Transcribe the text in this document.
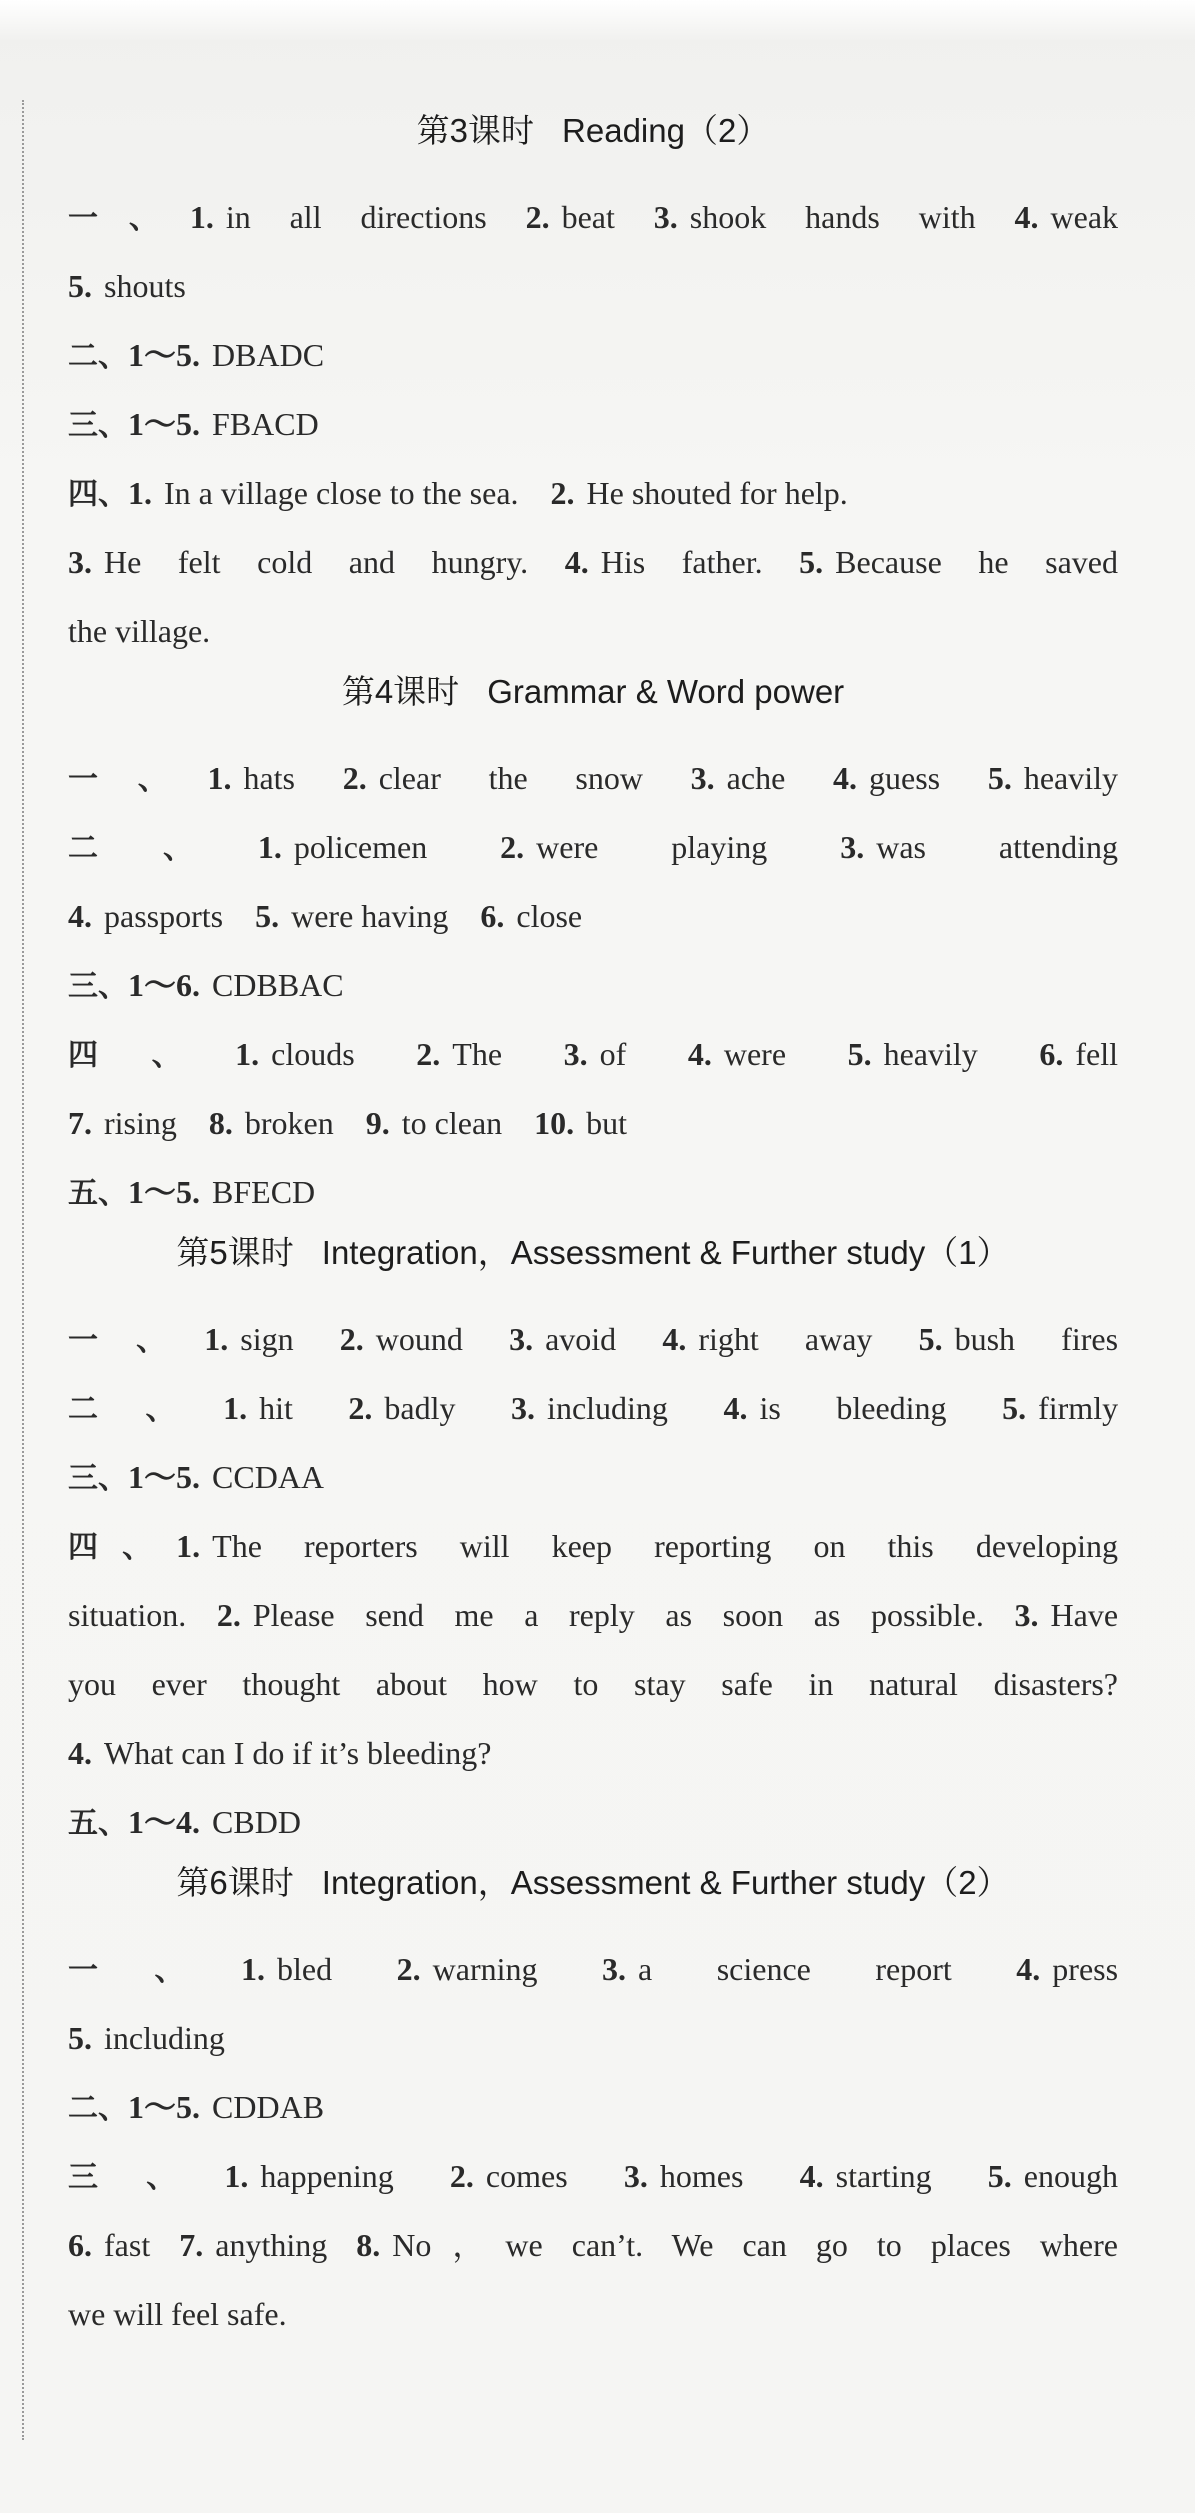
第3课时 Reading（2）
一、1. in all directions 2. beat 3. shook hands with 4. weak
5. shouts
二、1～5. DBADC
三、1～5. FBACD
四、1. In a village close to the sea. 2. He shouted for help.
3. He felt cold and hungry. 4. His father. 5. Because he saved
the village.
第4课时 Grammar & Word power
一、1. hats 2. clear the snow 3. ache 4. guess 5. heavily
二、1. policemen 2. were playing 3. was attending
4. passports 5. were having 6. close
三、1～6. CDBBAC
四、1. clouds 2. The 3. of 4. were 5. heavily 6. fell
7. rising 8. broken 9. to clean 10. but
五、1～5. BFECD
第5课时 Integration，Assessment & Further study（1）
一、1. sign 2. wound 3. avoid 4. right away 5. bush fires
二、1. hit 2. badly 3. including 4. is bleeding 5. firmly
三、1～5. CCDAA
四、1. The reporters will keep reporting on this developing
situation. 2. Please send me a reply as soon as possible. 3. Have
you ever thought about how to stay safe in natural disasters?
4. What can I do if it’s bleeding?
五、1～4. CBDD
第6课时 Integration，Assessment & Further study（2）
一、1. bled 2. warning 3. a science report 4. press
5. including
二、1～5. CDDAB
三、1. happening 2. comes 3. homes 4. starting 5. enough
6. fast 7. anything 8. No，we can’t. We can go to places where
we will feel safe.
